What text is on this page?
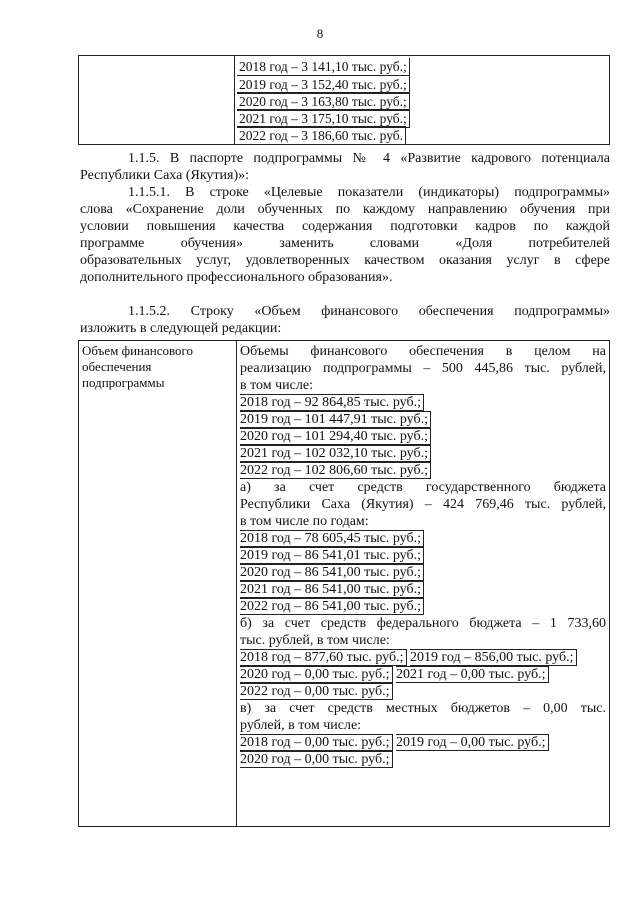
8
2018 год – 3 141,10 тыс. руб.;
2019 год – 3 152,40 тыс. руб.;
2020 год – 3 163,80 тыс. руб.;
2021 год – 3 175,10 тыс. руб.;
2022 год – 3 186,60 тыс. руб.
1.1.5. В паспорте подпрограммы № 4 «Развитие кадрового потенциала
Республики Саха (Якутия)»:
1.1.5.1. В строке «Целевые показатели (индикаторы) подпрограммы»
слова «Сохранение доли обученных по каждому направлению обучения при
условии повышения качества содержания подготовки кадров по каждой
программе обучения» заменить словами «Доля потребителей
образовательных услуг, удовлетворенных качеством оказания услуг в сфере
дополнительного профессионального образования».
1.1.5.2. Строку «Объем финансового обеспечения подпрограммы»
изложить в следующей редакции:
Объем финансового
обеспечения
подпрограммы
Объемы финансового обеспечения в целом на
реализацию подпрограммы – 500 445,86 тыс. рублей,
в том числе:
2018 год – 92 864,85 тыс. руб.; 2019 год – 101 447,91 тыс. руб.; 2020 год – 101 294,40 тыс. руб.; 2021 год – 102 032,10 тыс. руб.; 2022 год – 102 806,60 тыс. руб.;
а) за счет средств государственного бюджета
Республики Саха (Якутия) – 424 769,46 тыс. рублей,
в том числе по годам:
2018 год – 78 605,45 тыс. руб.; 2019 год – 86 541,01 тыс. руб.; 2020 год – 86 541,00 тыс. руб.; 2021 год – 86 541,00 тыс. руб.; 2022 год – 86 541,00 тыс. руб.;
б) за счет средств федерального бюджета – 1 733,60
тыс. рублей, в том числе:
2018 год – 877,60 тыс. руб.; 2019 год – 856,00 тыс. руб.; 2020 год – 0,00 тыс. руб.; 2021 год – 0,00 тыс. руб.; 2022 год – 0,00 тыс. руб.;
в) за счет средств местных бюджетов – 0,00 тыс.
рублей, в том числе:
2018 год – 0,00 тыс. руб.; 2019 год – 0,00 тыс. руб.; 2020 год – 0,00 тыс. руб.;
